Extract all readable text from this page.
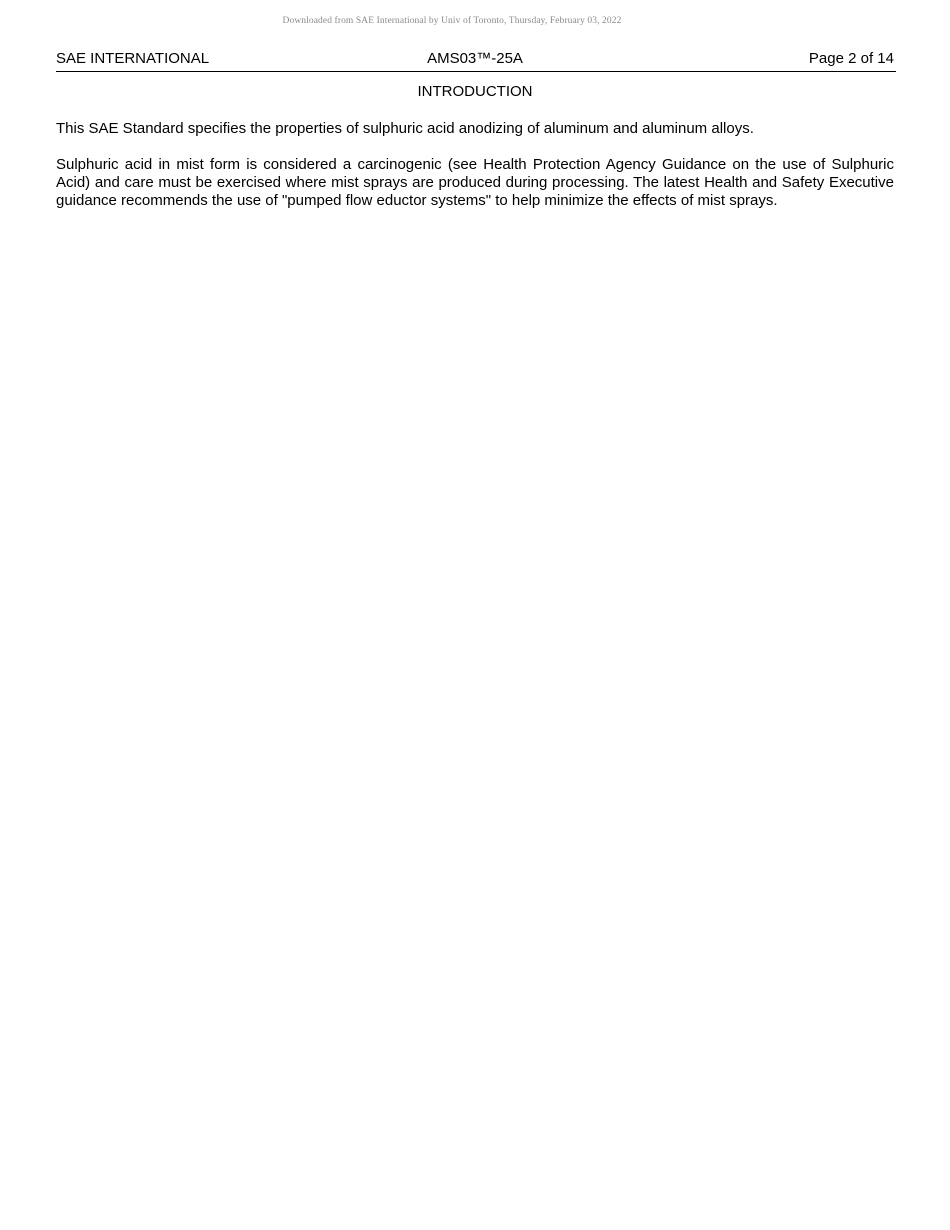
Downloaded from SAE International by Univ of Toronto, Thursday, February 03, 2022
SAE INTERNATIONAL	AMS03™-25A	Page 2 of 14
INTRODUCTION

This SAE Standard specifies the properties of sulphuric acid anodizing of aluminum and aluminum alloys.

Sulphuric acid in mist form is considered a carcinogenic (see Health Protection Agency Guidance on the use of Sulphuric Acid) and care must be exercised where mist sprays are produced during processing. The latest Health and Safety Executive guidance recommends the use of "pumped flow eductor systems" to help minimize the effects of mist sprays.
